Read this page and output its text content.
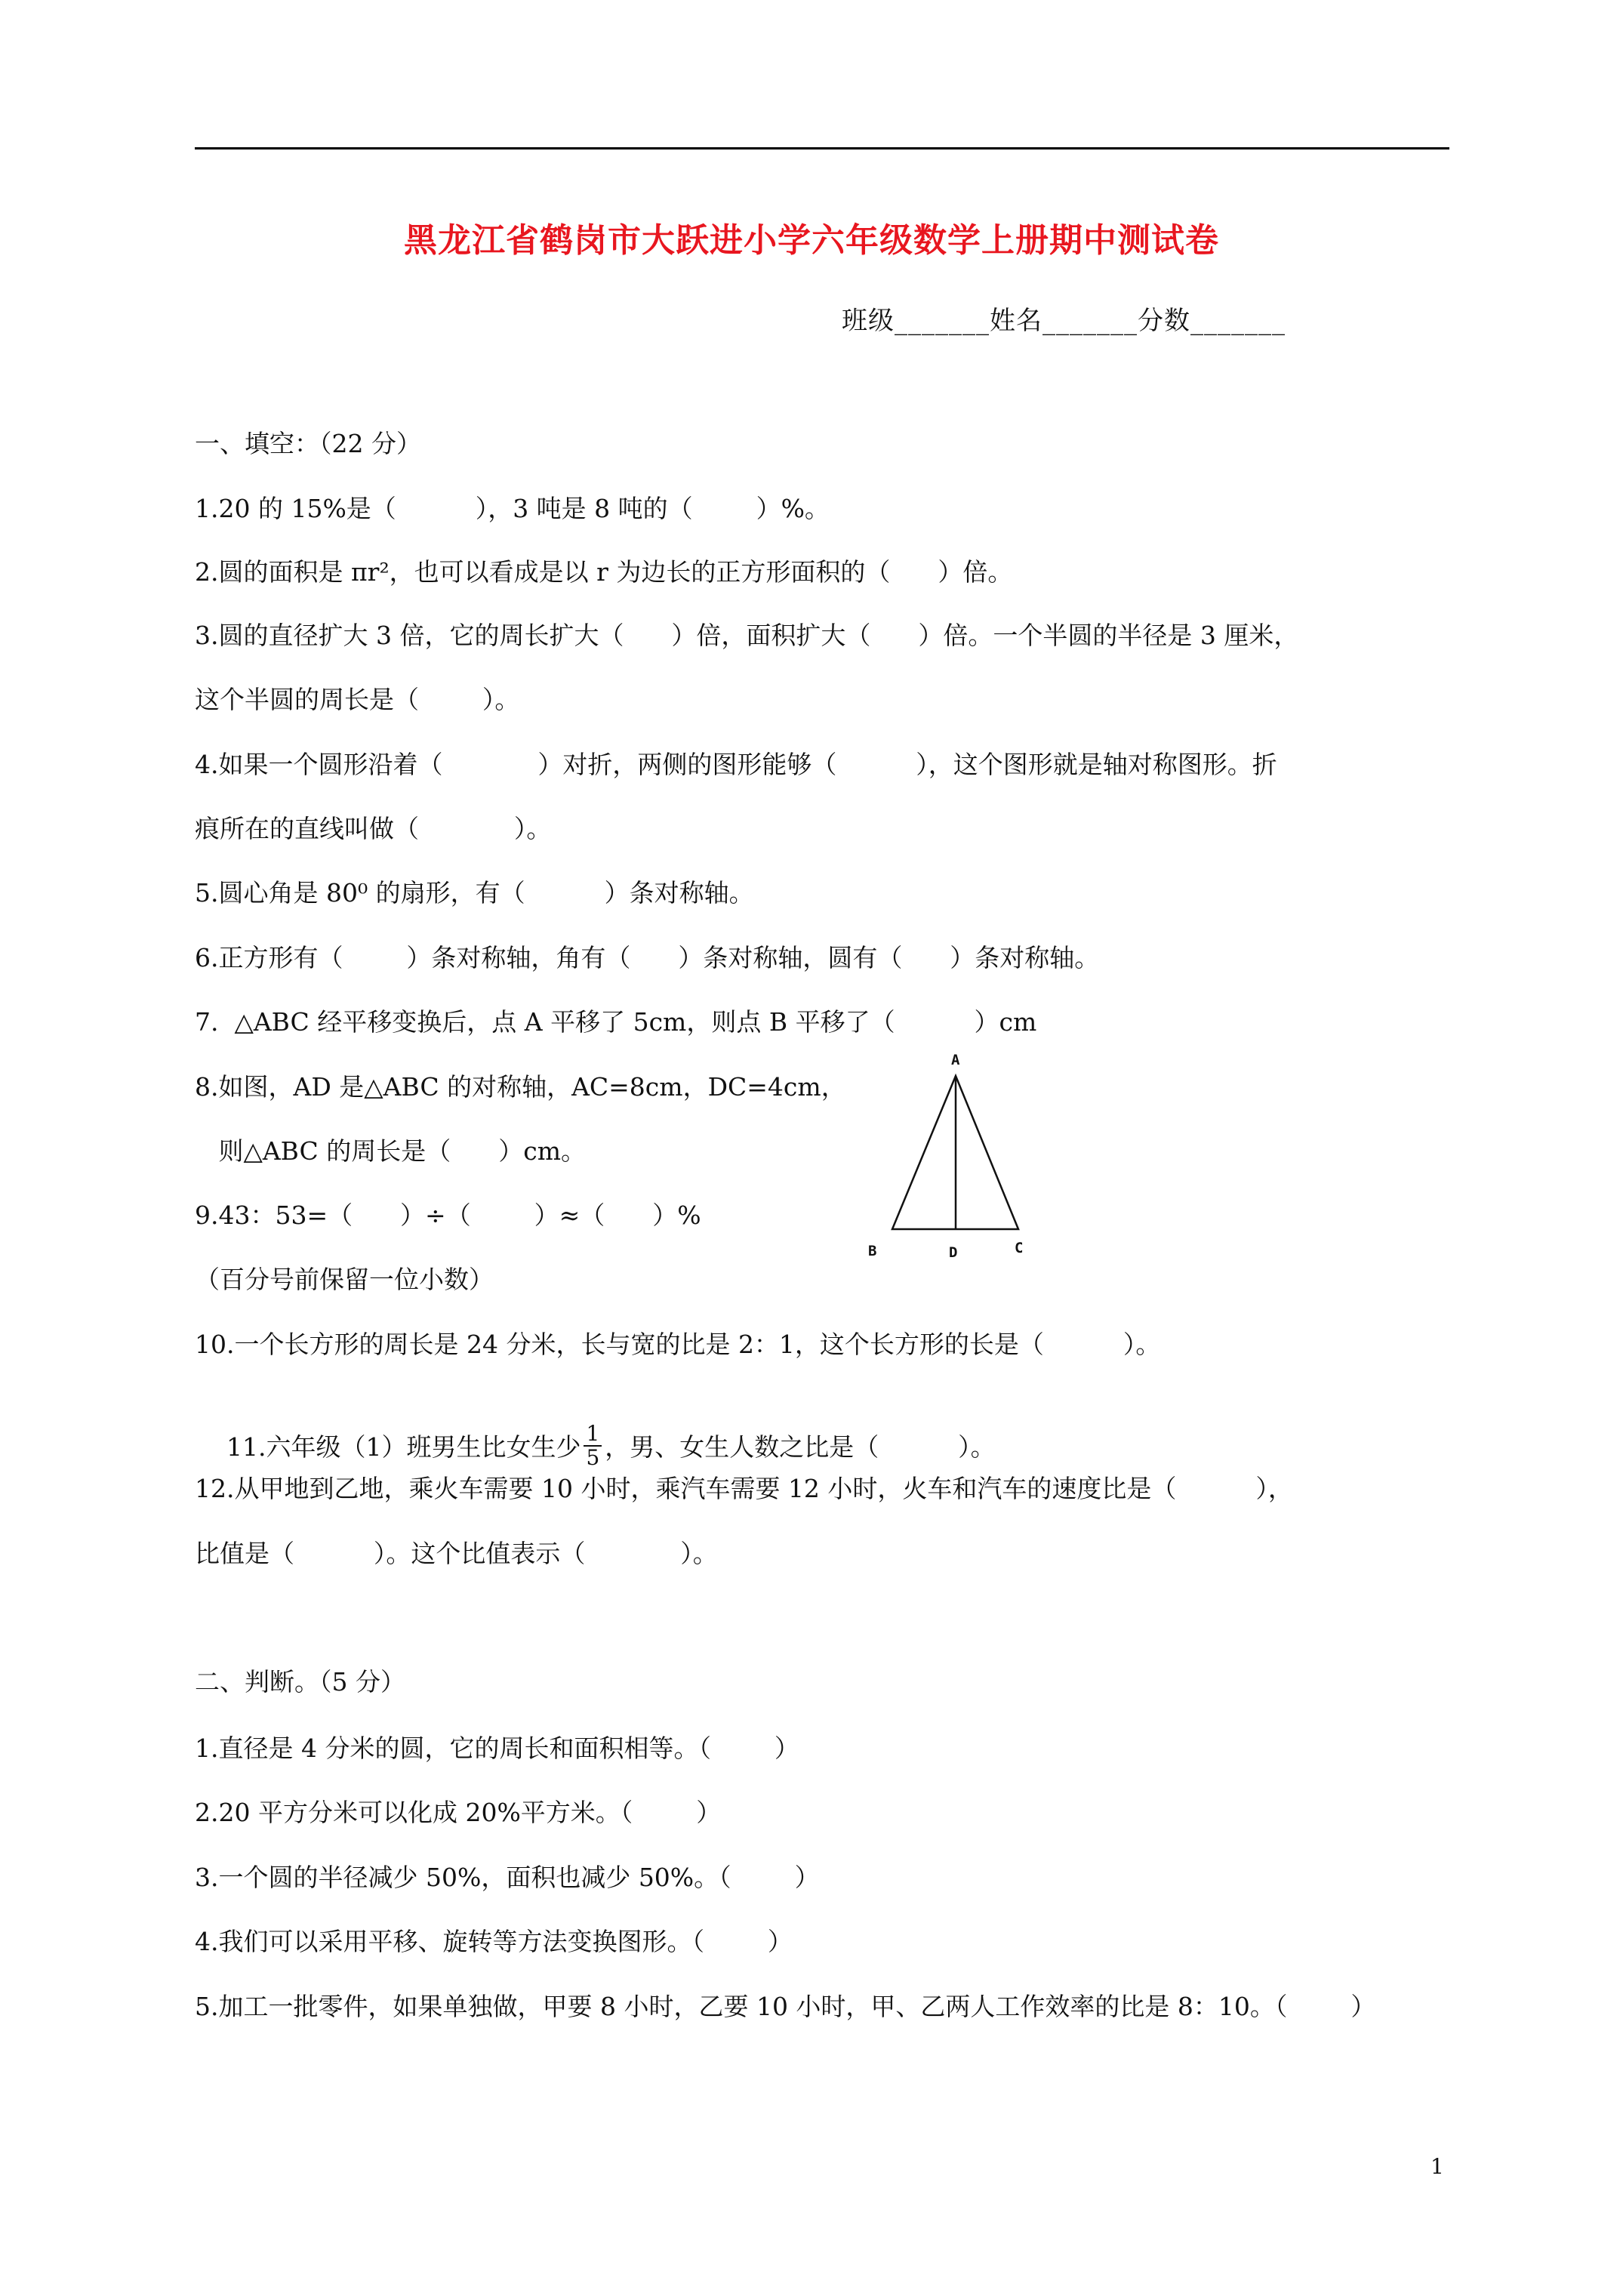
黑龙江省鹤岗市大跃进小学六年级数学上册期中测试卷
班级_______姓名_______分数_______
一、填空：（22 分）
1.20 的 15%是（          ），3 吨是 8 吨的（        ）%。
2.圆的面积是 πr²，也可以看成是以 r 为边长的正方形面积的（      ）倍。
3.圆的直径扩大 3 倍，它的周长扩大（      ）倍，面积扩大（      ）倍。一个半圆的半径是 3 厘米，
这个半圆的周长是（        ）。
4.如果一个圆形沿着（            ）对折，两侧的图形能够（          ），这个图形就是轴对称图形。折
痕所在的直线叫做（            ）。
5.圆心角是 80⁰ 的扇形，有（          ）条对称轴。
6.正方形有（        ）条对称轴，角有（      ）条对称轴，圆有（      ）条对称轴。
7.  △ABC 经平移变换后，点 A 平移了 5cm，则点 B 平移了（          ）cm
8.如图，AD 是△ABC 的对称轴，AC=8cm，DC=4cm，
则△ABC 的周长是（      ）cm。
9.43：53=（      ）÷（        ）≈（      ）%
（百分号前保留一位小数）
10.一个长方形的周长是 24 分米，长与宽的比是 2：1，这个长方形的长是（          ）。

11.六年级（1）班男生比女生少 $\frac{1}{5}$ ，男、女生人数之比是（          ）。

12.从甲地到乙地，乘火车需要 10 小时，乘汽车需要 12 小时，火车和汽车的速度比是（          ），
比值是（          ）。这个比值表示（            ）。
A
B	D	C
二、判断。（5 分）
1.直径是 4 分米的圆，它的周长和面积相等。（        ）
2.20 平方分米可以化成 20%平方米。（        ）
3.一个圆的半径减少 50%，面积也减少 50%。（        ）
4.我们可以采用平移、旋转等方法变换图形。（        ）
5.加工一批零件，如果单独做，甲要 8 小时，乙要 10 小时，甲、乙两人工作效率的比是 8：10。（        ）
1
